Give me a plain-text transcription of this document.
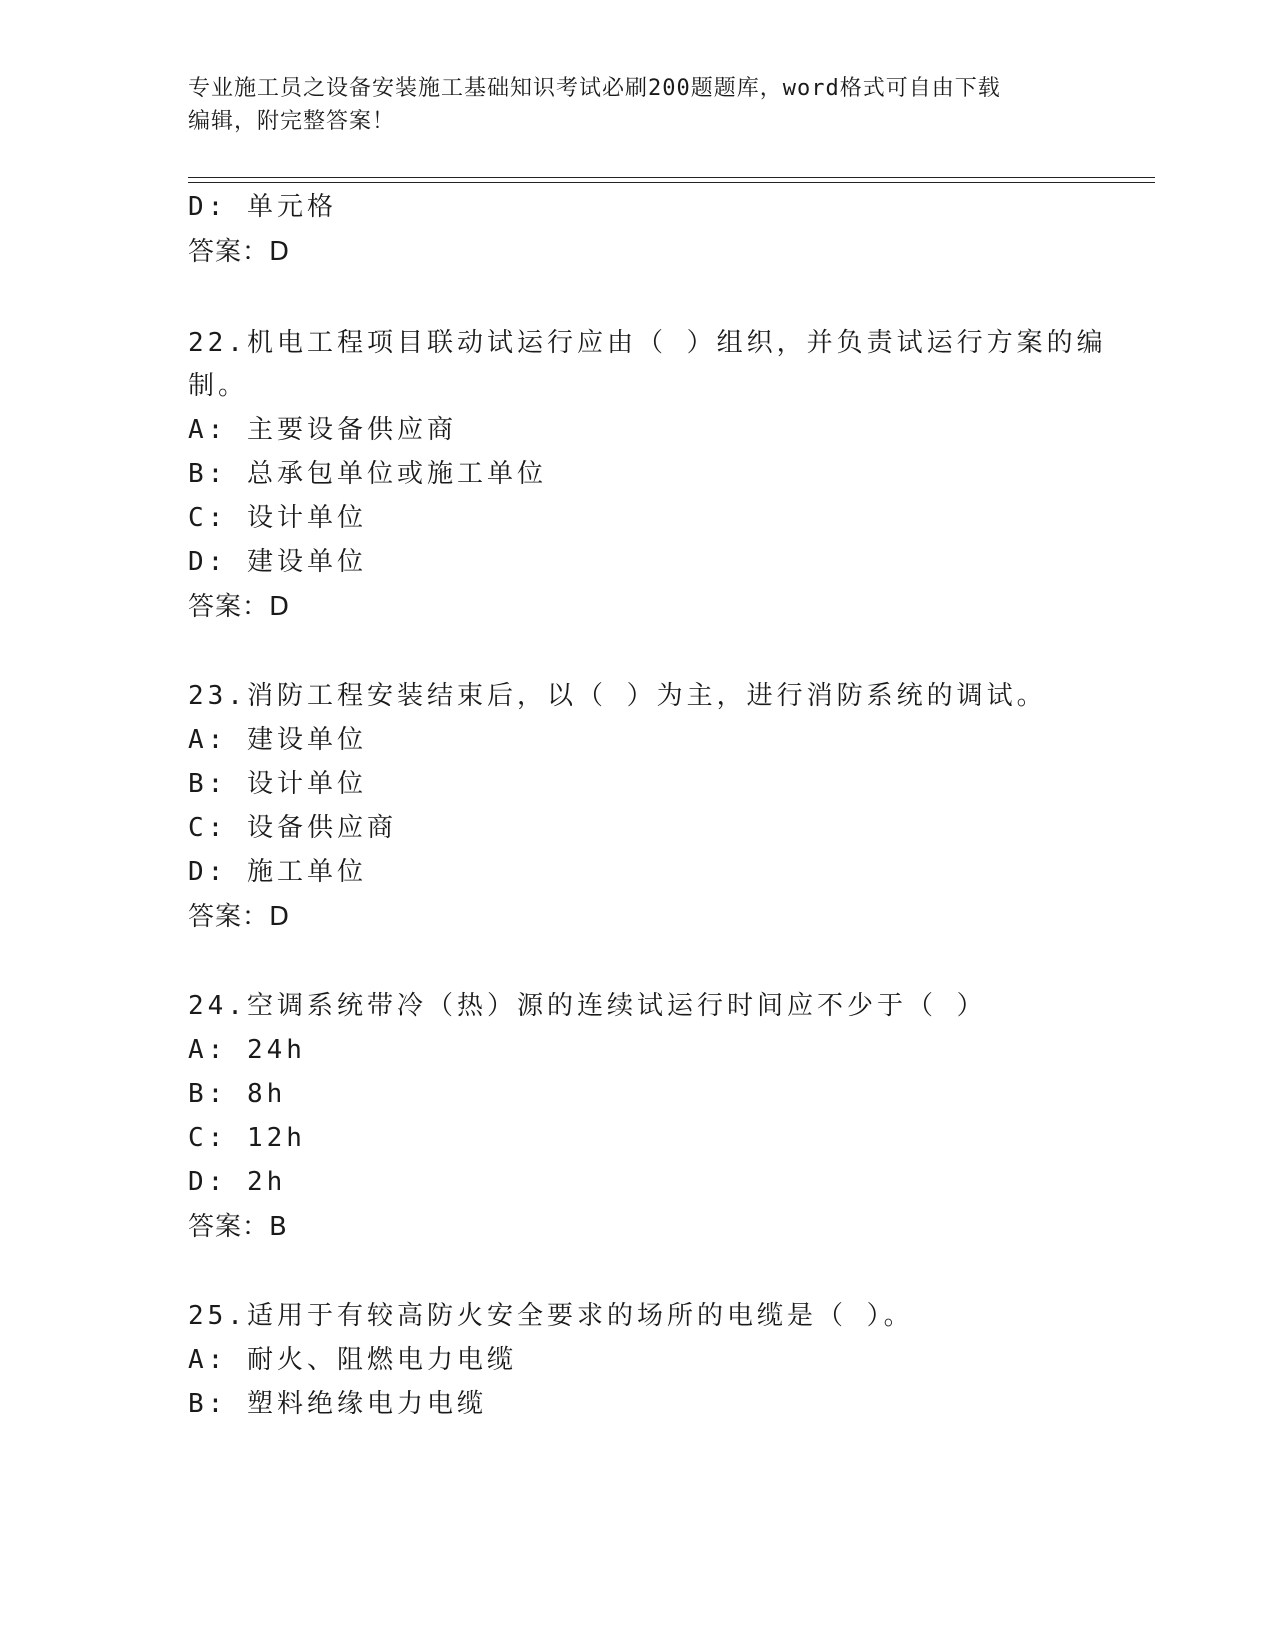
专业施工员之设备安装施工基础知识考试必刷200题题库，word格式可自由下载
编辑，附完整答案！
D: 单元格
答案：D
22.机电工程项目联动试运行应由（ ）组织，并负责试运行方案的编
制。
A: 主要设备供应商
B: 总承包单位或施工单位
C: 设计单位
D: 建设单位
答案：D
23.消防工程安装结束后，以（ ）为主，进行消防系统的调试。
A: 建设单位
B: 设计单位
C: 设备供应商
D: 施工单位
答案：D
24.空调系统带冷（热）源的连续试运行时间应不少于（ ）
A: 24h
B: 8h
C: 12h
D: 2h
答案：B
25.适用于有较高防火安全要求的场所的电缆是（ ）。
A: 耐火、阻燃电力电缆
B: 塑料绝缘电力电缆
